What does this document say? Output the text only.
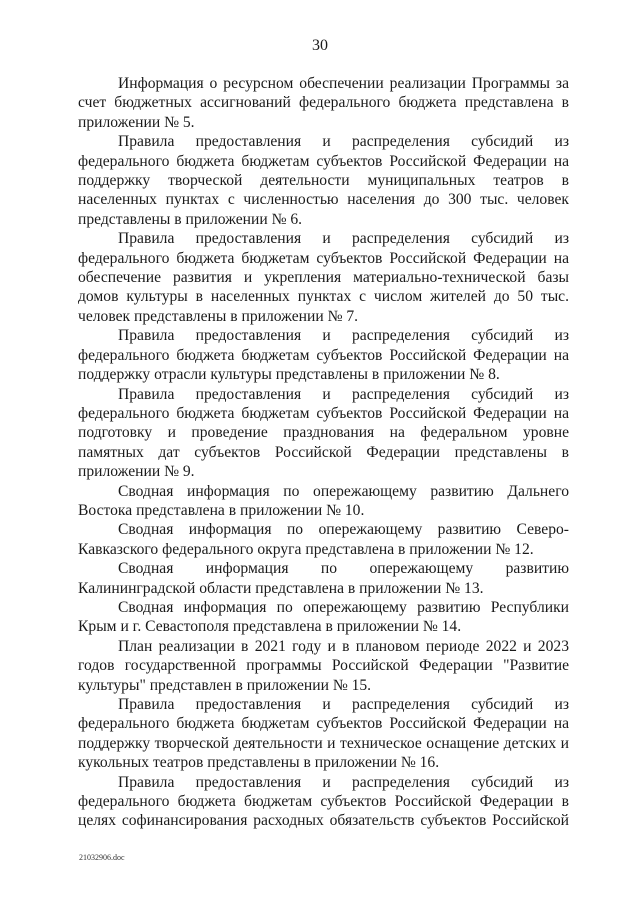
30

Информация о ресурсном обеспечении реализации Программы за счет бюджетных ассигнований федерального бюджета представлена в приложении № 5.

Правила предоставления и распределения субсидий из федерального бюджета бюджетам субъектов Российской Федерации на поддержку творческой деятельности муниципальных театров в населенных пунктах с численностью населения до 300 тыс. человек представлены в приложении № 6.

Правила предоставления и распределения субсидий из федерального бюджета бюджетам субъектов Российской Федерации на обеспечение развития и укрепления материально-технической базы домов культуры в населенных пунктах с числом жителей до 50 тыс. человек представлены в приложении № 7.

Правила предоставления и распределения субсидий из федерального бюджета бюджетам субъектов Российской Федерации на поддержку отрасли культуры представлены в приложении № 8.

Правила предоставления и распределения субсидий из федерального бюджета бюджетам субъектов Российской Федерации на подготовку и проведение празднования на федеральном уровне памятных дат субъектов Российской Федерации представлены в приложении № 9.

Сводная информация по опережающему развитию Дальнего Востока представлена в приложении № 10.

Сводная информация по опережающему развитию Северо-Кавказского федерального округа представлена в приложении № 12.

Сводная информация по опережающему развитию Калининградской области представлена в приложении № 13.

Сводная информация по опережающему развитию Республики Крым и г. Севастополя представлена в приложении № 14.

План реализации в 2021 году и в плановом периоде 2022 и 2023 годов государственной программы Российской Федерации "Развитие культуры" представлен в приложении № 15.

Правила предоставления и распределения субсидий из федерального бюджета бюджетам субъектов Российской Федерации на поддержку творческой деятельности и техническое оснащение детских и кукольных театров представлены в приложении № 16.

Правила предоставления и распределения субсидий из федерального бюджета бюджетам субъектов Российской Федерации в целях софинансирования расходных обязательств субъектов Российской

21032906.doc
